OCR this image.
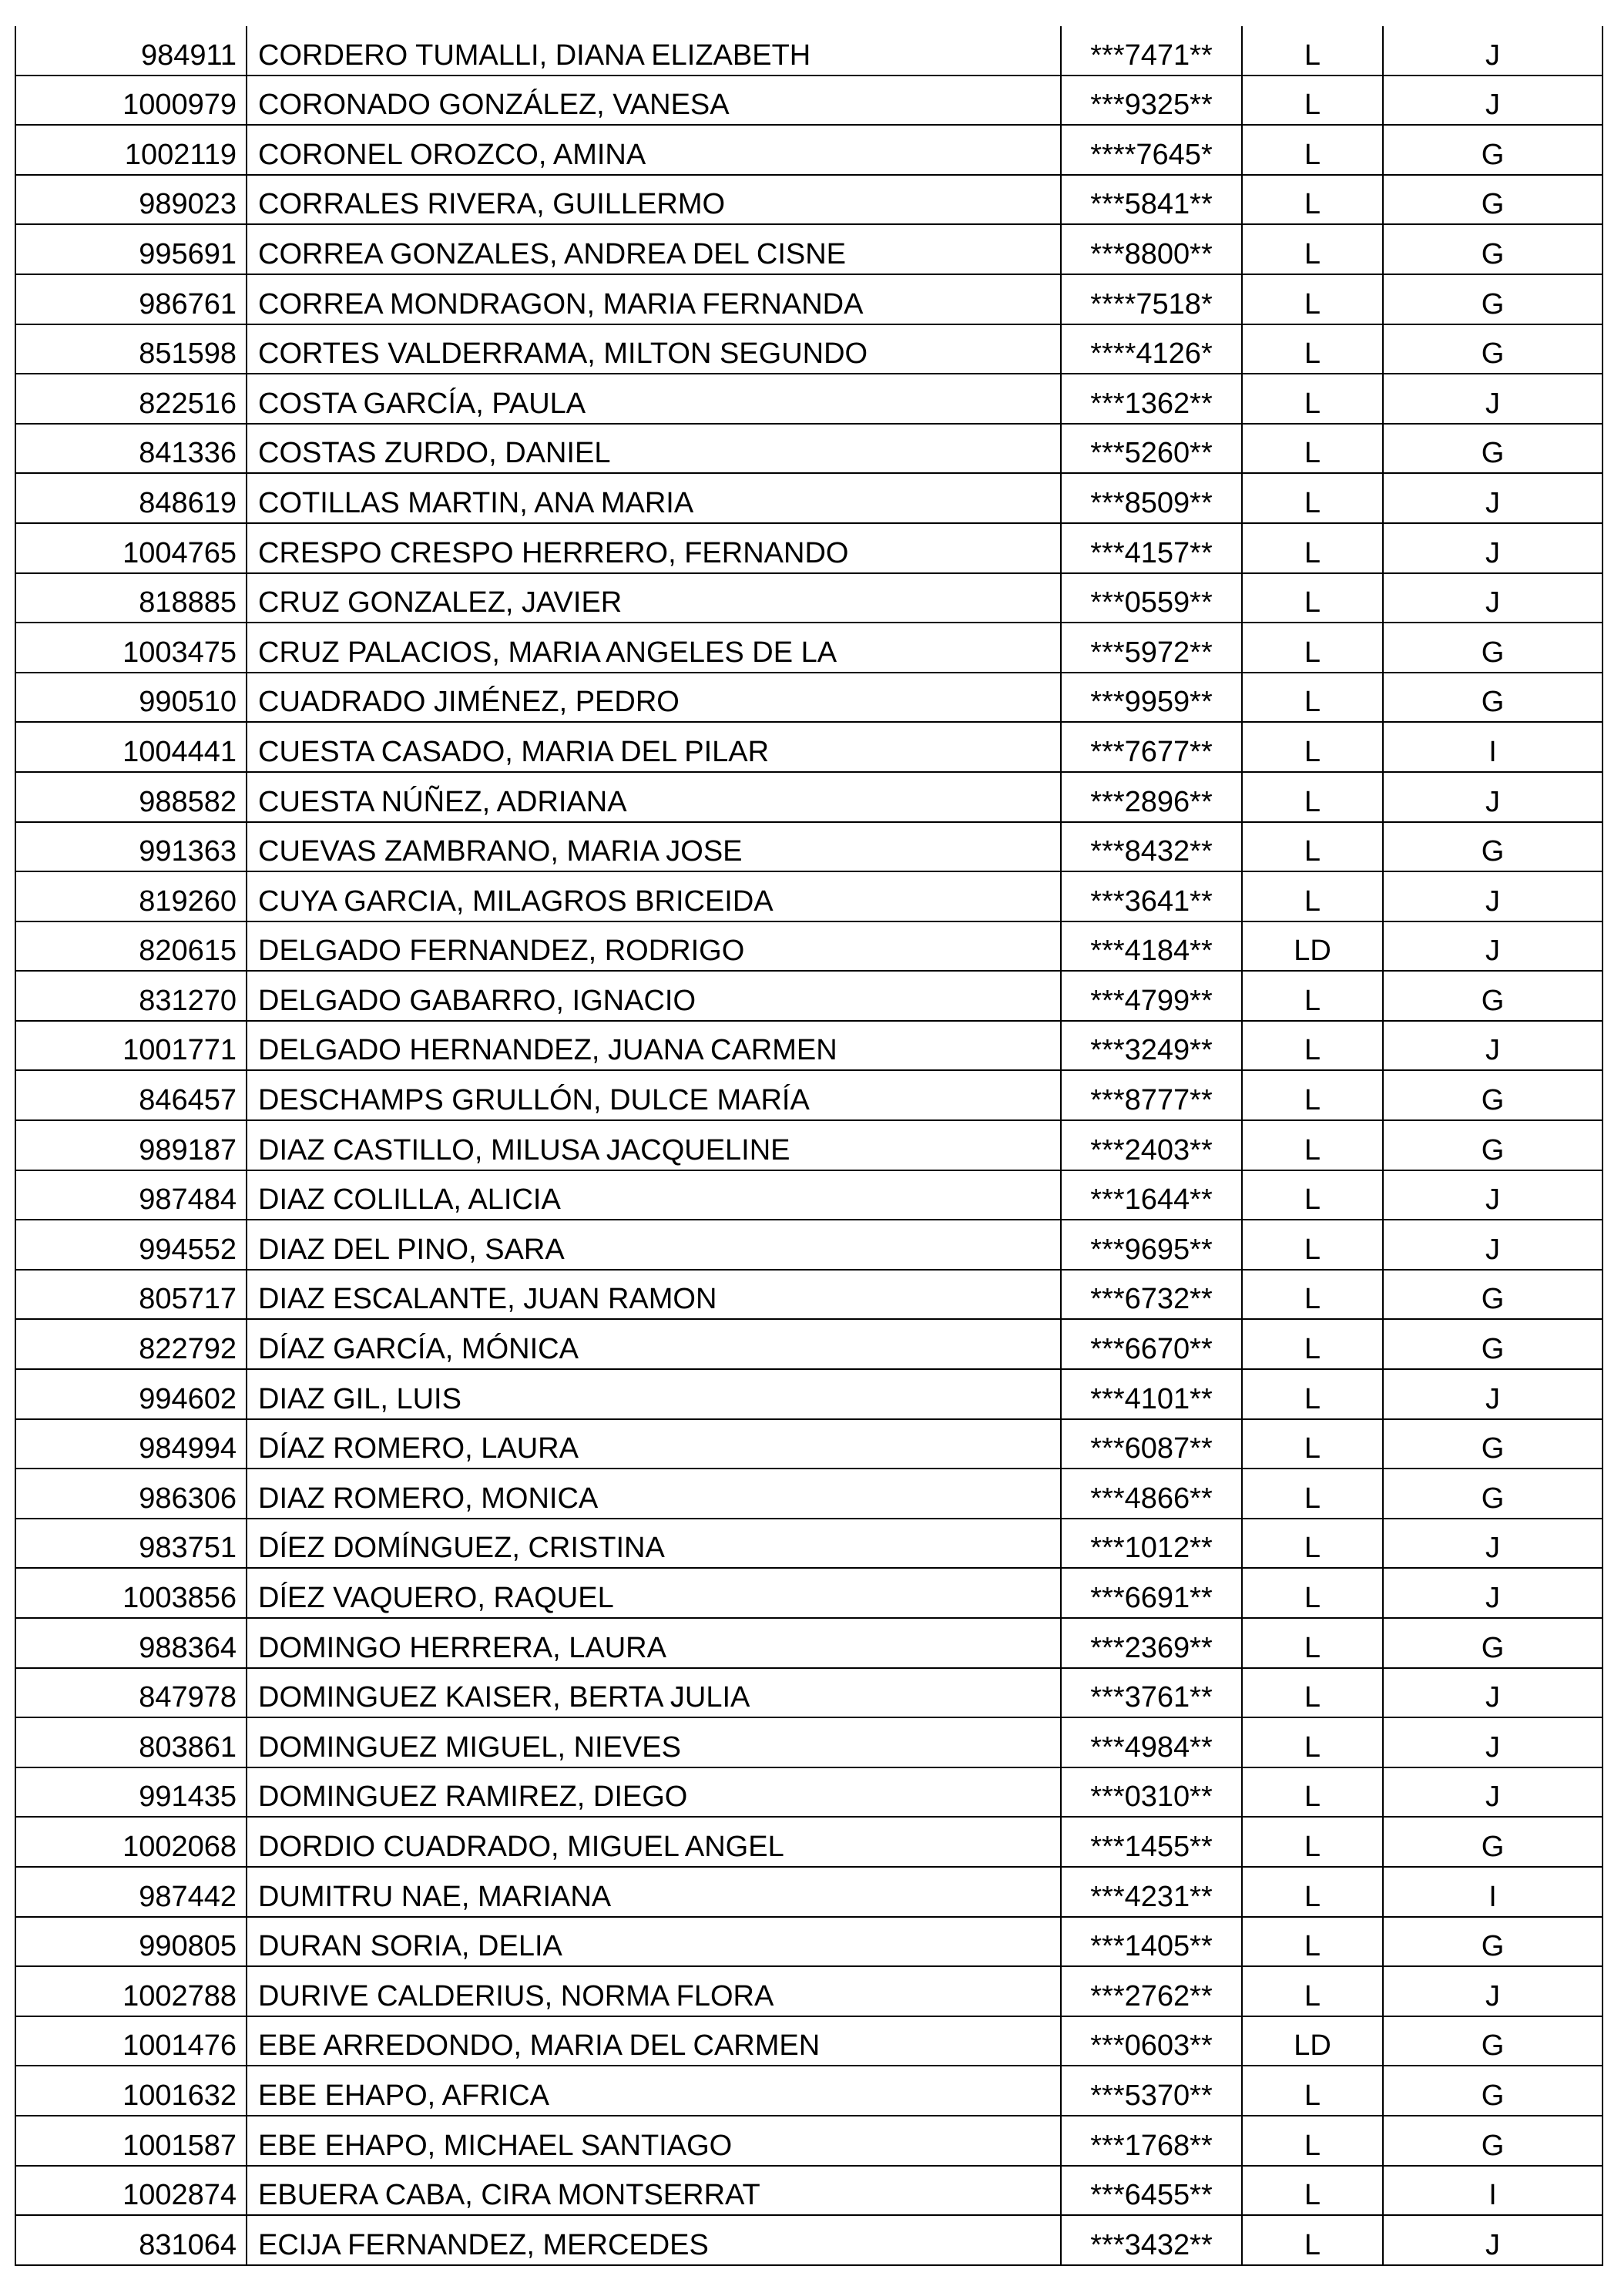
984911 CORDERO TUMALLI, DIANA ELIZABETH	***7471**	L	J
1000979 CORONADO GONZÁLEZ, VANESA	***9325**	L	J
1002119 CORONEL OROZCO, AMINA	****7645*	L	G
989023 CORRALES RIVERA, GUILLERMO	***5841**	L	G
995691 CORREA GONZALES, ANDREA DEL CISNE	***8800**	L	G
986761 CORREA MONDRAGON, MARIA FERNANDA	****7518*	L	G
851598 CORTES VALDERRAMA, MILTON SEGUNDO	****4126*	L	G
822516 COSTA GARCÍA, PAULA	***1362**	L	J
841336 COSTAS ZURDO, DANIEL	***5260**	L	G
848619 COTILLAS MARTIN, ANA MARIA	***8509**	L	J
1004765 CRESPO CRESPO HERRERO, FERNANDO	***4157**	L	J
818885 CRUZ GONZALEZ, JAVIER	***0559**	L	J
1003475 CRUZ PALACIOS, MARIA ANGELES DE LA	***5972**	L	G
990510 CUADRADO JIMÉNEZ, PEDRO	***9959**	L	G
1004441 CUESTA CASADO, MARIA DEL PILAR	***7677**	L	I
988582 CUESTA NÚÑEZ, ADRIANA	***2896**	L	J
991363 CUEVAS ZAMBRANO, MARIA JOSE	***8432**	L	G
819260 CUYA GARCIA, MILAGROS BRICEIDA	***3641**	L	J
820615 DELGADO FERNANDEZ, RODRIGO	***4184**	LD	J
831270 DELGADO GABARRO, IGNACIO	***4799**	L	G
1001771 DELGADO HERNANDEZ, JUANA CARMEN	***3249**	L	J
846457 DESCHAMPS GRULLÓN, DULCE MARÍA	***8777**	L	G
989187 DIAZ CASTILLO, MILUSA JACQUELINE	***2403**	L	G
987484 DIAZ COLILLA, ALICIA	***1644**	L	J
994552 DIAZ DEL PINO, SARA	***9695**	L	J
805717 DIAZ ESCALANTE, JUAN RAMON	***6732**	L	G
822792 DÍAZ GARCÍA, MÓNICA	***6670**	L	G
994602 DIAZ GIL, LUIS	***4101**	L	J
984994 DÍAZ ROMERO, LAURA	***6087**	L	G
986306 DIAZ ROMERO, MONICA	***4866**	L	G
983751 DÍEZ DOMÍNGUEZ, CRISTINA	***1012**	L	J
1003856 DÍEZ VAQUERO, RAQUEL	***6691**	L	J
988364 DOMINGO HERRERA, LAURA	***2369**	L	G
847978 DOMINGUEZ KAISER, BERTA JULIA	***3761**	L	J
803861 DOMINGUEZ MIGUEL, NIEVES	***4984**	L	J
991435 DOMINGUEZ RAMIREZ, DIEGO	***0310**	L	J
1002068 DORDIO CUADRADO, MIGUEL ANGEL	***1455**	L	G
987442 DUMITRU NAE, MARIANA	***4231**	L	I
990805 DURAN SORIA, DELIA	***1405**	L	G
1002788 DURIVE CALDERIUS, NORMA FLORA	***2762**	L	J
1001476 EBE ARREDONDO, MARIA DEL CARMEN	***0603**	LD	G
1001632 EBE EHAPO, AFRICA	***5370**	L	G
1001587 EBE EHAPO, MICHAEL SANTIAGO	***1768**	L	G
1002874 EBUERA CABA, CIRA MONTSERRAT	***6455**	L	I
831064 ECIJA FERNANDEZ, MERCEDES	***3432**	L	J
